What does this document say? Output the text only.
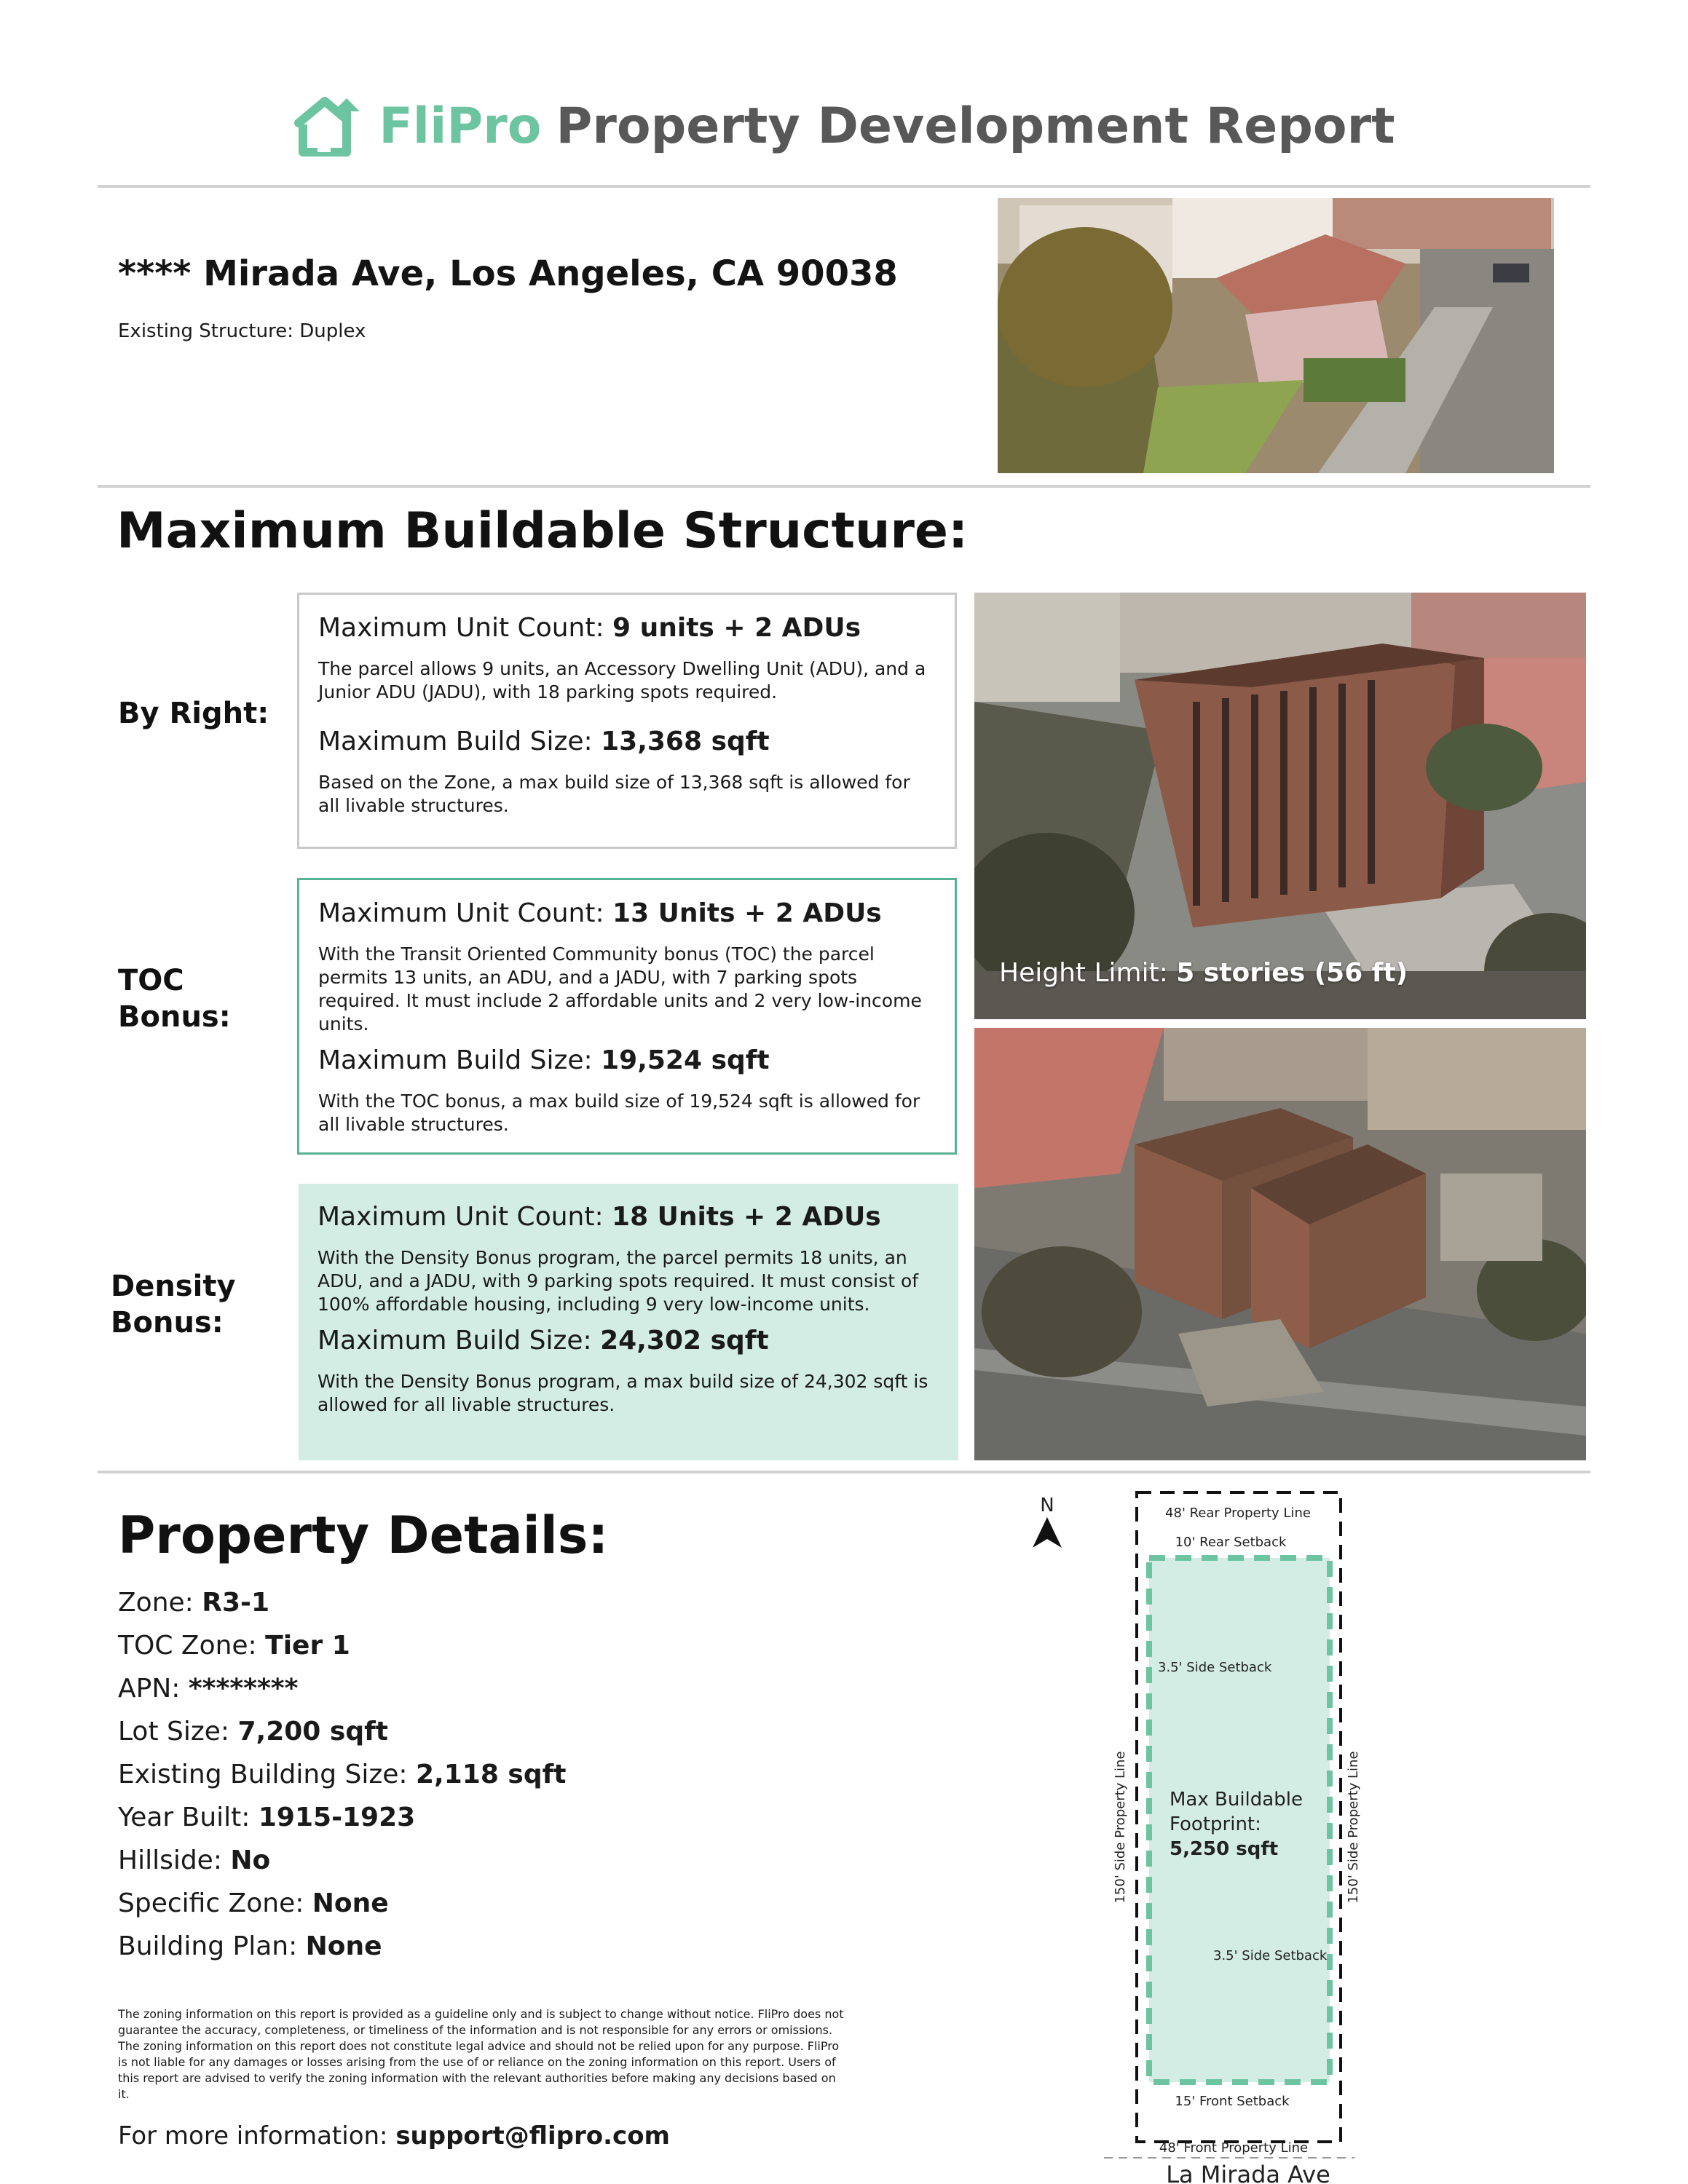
FliPro Property Development Report
**** Mirada Ave, Los Angeles, CA 90038
Existing Structure: Duplex
Maximum Buildable Structure:
By Right:
TOC
Bonus:
Density
Bonus:
Maximum Unit Count: 9 units + 2 ADUs
The parcel allows 9 units, an Accessory Dwelling Unit (ADU), and a Junior ADU (JADU), with 18 parking spots required.
Maximum Build Size: 13,368 sqft
Based on the Zone, a max build size of 13,368 sqft is allowed for all livable structures.
Maximum Unit Count: 13 Units + 2 ADUs
With the Transit Oriented Community bonus (TOC) the parcel permits 13 units, an ADU, and a JADU, with 7 parking spots required. It must include 2 affordable units and 2 very low-income units.
Maximum Build Size: 19,524 sqft
With the TOC bonus, a max build size of 19,524 sqft is allowed for all livable structures.
Maximum Unit Count: 18 Units + 2 ADUs
With the Density Bonus program, the parcel permits 18 units, an ADU, and a JADU, with 9 parking spots required. It must consist of 100% affordable housing, including 9 very low-income units.
Maximum Build Size: 24,302 sqft
With the Density Bonus program, a max build size of 24,302 sqft is allowed for all livable structures.
Height Limit: 5 stories (56 ft)
Property Details:
Zone: R3-1
TOC Zone: Tier 1
APN: ********
Lot Size: 7,200 sqft
Existing Building Size: 2,118 sqft
Year Built: 1915-1923
Hillside: No
Specific Zone: None
Building Plan: None
The zoning information on this report is provided as a guideline only and is subject to change without notice. FliPro does not guarantee the accuracy, completeness, or timeliness of the information and is not responsible for any errors or omissions. The zoning information on this report does not constitute legal advice and should not be relied upon for any purpose. FliPro is not liable for any damages or losses arising from the use of or reliance on the zoning information on this report. Users of this report are advised to verify the zoning information with the relevant authorities before making any decisions based on it.
For more information: support@flipro.com
N	48' Rear Property Line
10' Rear Setback
3.5' Side Setback
150' Side Property Line	150' Side Property Line
Max Buildable
Footprint:
5,250 sqft
3.5' Side Setback
15' Front Setback
48' Front Property Line
La Mirada Ave
